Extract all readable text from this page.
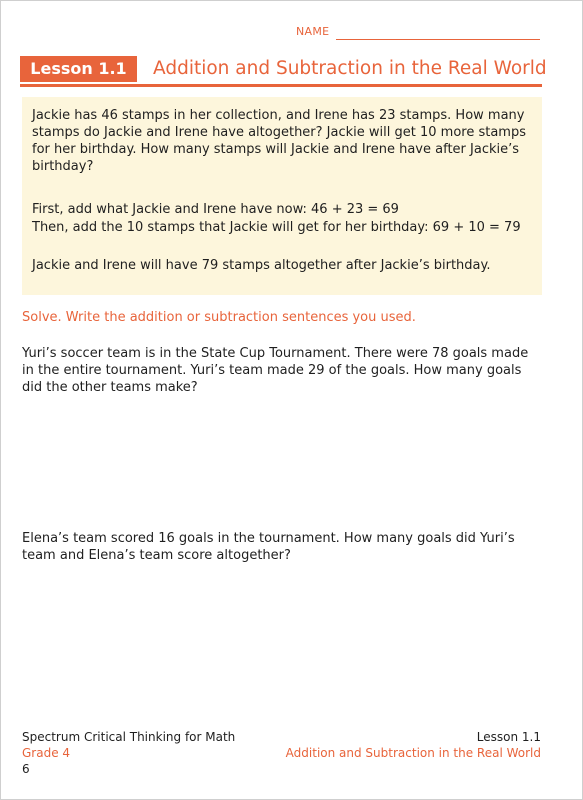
NAME
Lesson 1.1	Addition and Subtraction in the Real World

Jackie has 46 stamps in her collection, and Irene has 23 stamps. How many stamps do Jackie and Irene have altogether? Jackie will get 10 more stamps for her birthday. How many stamps will Jackie and Irene have after Jackie’s birthday?

First, add what Jackie and Irene have now: 46 + 23 = 69

Then, add the 10 stamps that Jackie will get for her birthday: 69 + 10 = 79

Jackie and Irene will have 79 stamps altogether after Jackie’s birthday.

Solve. Write the addition or subtraction sentences you used.

Yuri’s soccer team is in the State Cup Tournament. There were 78 goals made in the entire tournament. Yuri’s team made 29 of the goals. How many goals did the other teams make?

Elena’s team scored 16 goals in the tournament. How many goals did Yuri’s team and Elena’s team score altogether?

Spectrum Critical Thinking for Math
Grade 4
6
Lesson 1.1
Addition and Subtraction in the Real World
